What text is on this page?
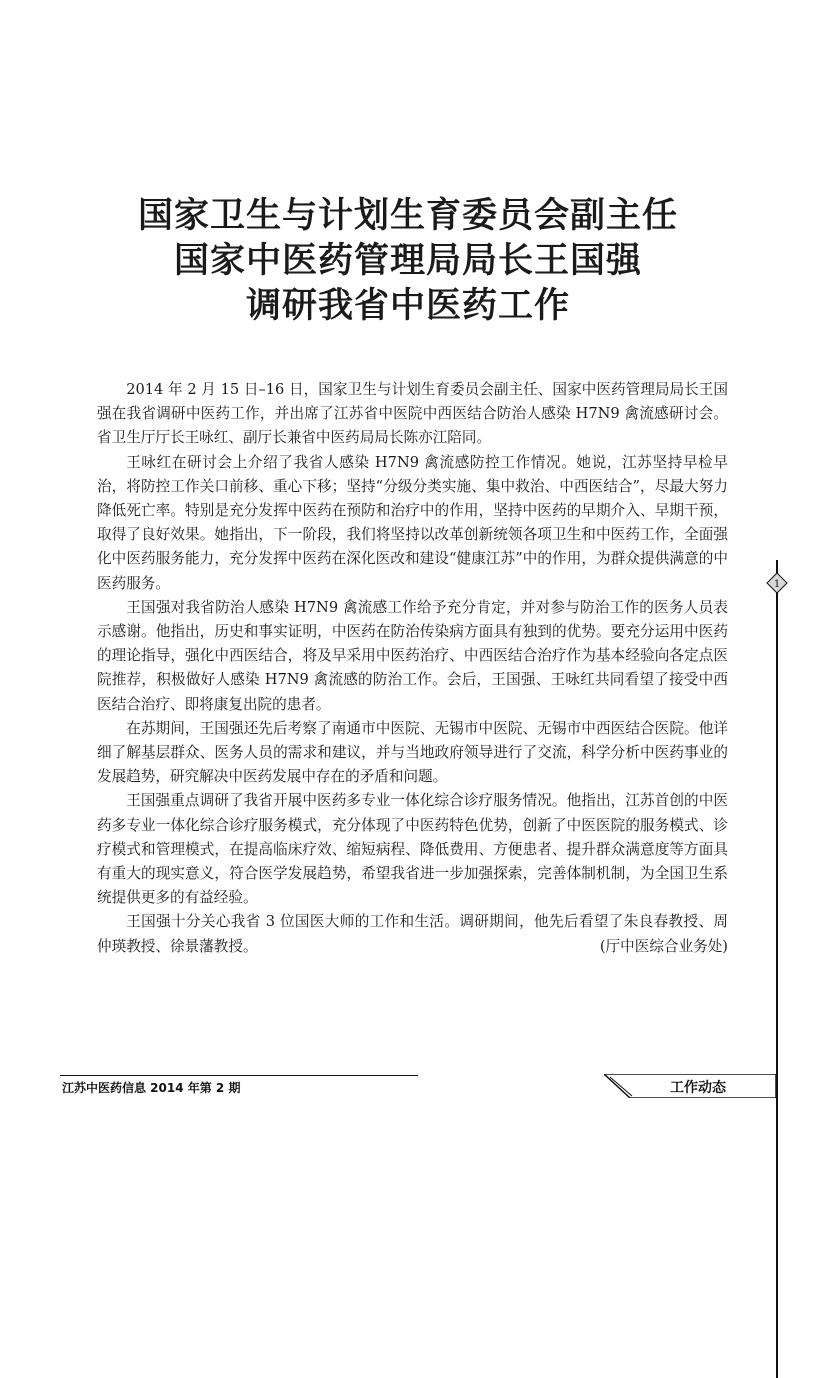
国家卫生与计划生育委员会副主任
国家中医药管理局局长王国强
调研我省中医药工作

2014 年 2 月 15 日–16 日，国家卫生与计划生育委员会副主任、国家中医药管理局局长王国强在我省调研中医药工作，并出席了江苏省中医院中西医结合防治人感染 H7N9 禽流感研讨会。省卫生厅厅长王咏红、副厅长兼省中医药局局长陈亦江陪同。

王咏红在研讨会上介绍了我省人感染 H7N9 禽流感防控工作情况。她说，江苏坚持早检早治，将防控工作关口前移、重心下移；坚持“分级分类实施、集中救治、中西医结合”，尽最大努力降低死亡率。特别是充分发挥中医药在预防和治疗中的作用，坚持中医药的早期介入、早期干预，取得了良好效果。她指出，下一阶段，我们将坚持以改革创新统领各项卫生和中医药工作，全面强化中医药服务能力，充分发挥中医药在深化医改和建设“健康江苏”中的作用，为群众提供满意的中医药服务。

王国强对我省防治人感染 H7N9 禽流感工作给予充分肯定，并对参与防治工作的医务人员表示感谢。他指出，历史和事实证明，中医药在防治传染病方面具有独到的优势。要充分运用中医药的理论指导，强化中西医结合，将及早采用中医药治疗、中西医结合治疗作为基本经验向各定点医院推荐，积极做好人感染 H7N9 禽流感的防治工作。会后，王国强、王咏红共同看望了接受中西医结合治疗、即将康复出院的患者。

在苏期间，王国强还先后考察了南通市中医院、无锡市中医院、无锡市中西医结合医院。他详细了解基层群众、医务人员的需求和建议，并与当地政府领导进行了交流，科学分析中医药事业的发展趋势，研究解决中医药发展中存在的矛盾和问题。

王国强重点调研了我省开展中医药多专业一体化综合诊疗服务情况。他指出，江苏首创的中医药多专业一体化综合诊疗服务模式，充分体现了中医药特色优势，创新了中医医院的服务模式、诊疗模式和管理模式，在提高临床疗效、缩短病程、降低费用、方便患者、提升群众满意度等方面具有重大的现实意义，符合医学发展趋势，希望我省进一步加强探索，完善体制机制，为全国卫生系统提供更多的有益经验。

王国强十分关心我省 3 位国医大师的工作和生活。调研期间，他先后看望了朱良春教授、周仲瑛教授、徐景藩教授。	(厅中医综合业务处)

1
江苏中医药信息 2014 年第 2 期	工作动态
